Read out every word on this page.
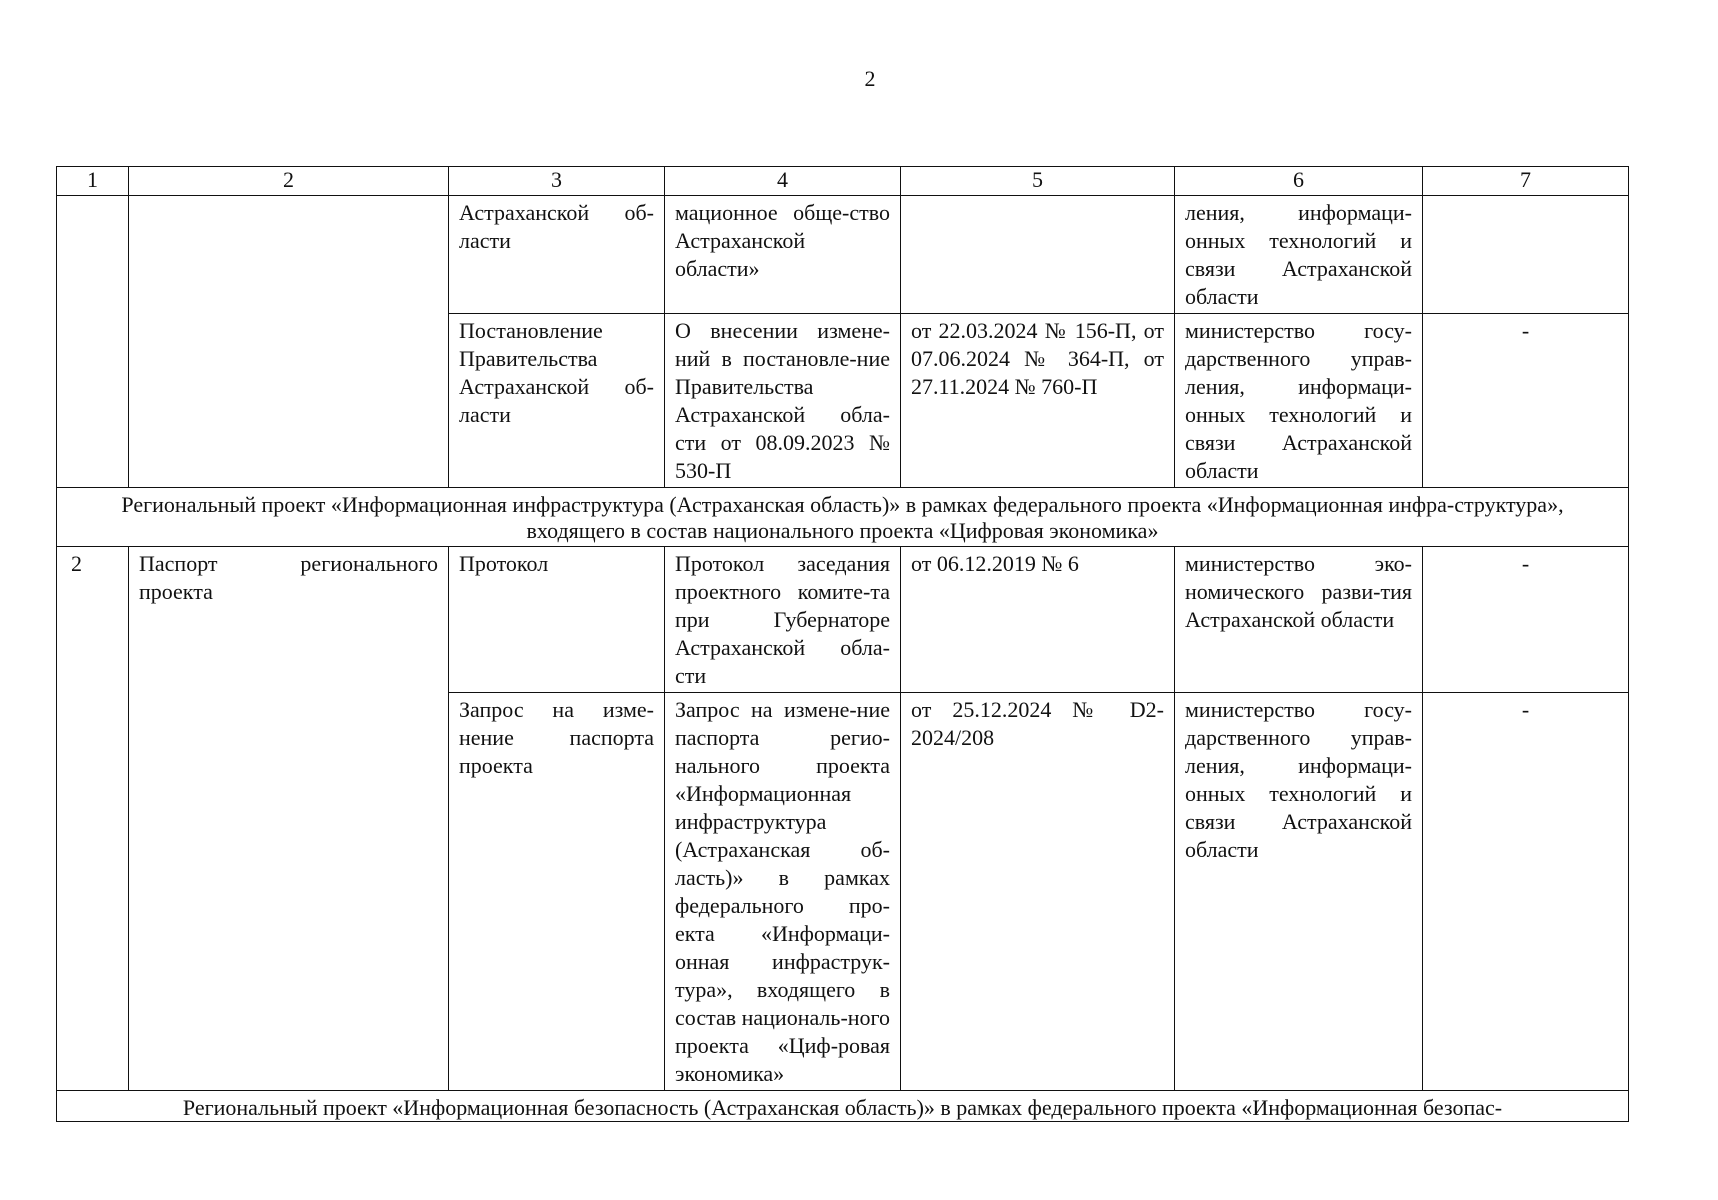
2
1	2	3	4	5	6	7
		Астраханской об-ласти	мационное обще-ство Астраханской области»		ления, информаци-онных технологий и связи Астраханской области	
		Постановление Правительства Астраханской об-ласти	О внесении измене-ний в постановле-ние Правительства Астраханской обла-сти от 08.09.2023 № 530-П	от 22.03.2024 № 156-П, от 07.06.2024 № 364-П, от 27.11.2024 № 760-П	министерство госу-дарственного управ-ления, информаци-онных технологий и связи Астраханской области	-
Региональный проект «Информационная инфраструктура (Астраханская область)» в рамках федерального проекта «Информационная инфра-структура», входящего в состав национального проекта «Цифровая экономика»						
2	Паспорт регионального проекта	Протокол	Протокол заседания проектного комите-та при Губернаторе Астраханской обла-сти	от 06.12.2019 № 6	министерство эко-номического разви-тия Астраханской области	-
		Запрос на изме-нение паспорта проекта	Запрос на измене-ние паспорта регио-нального проекта «Информационная инфраструктура (Астраханская об-ласть)» в рамках федерального про-екта «Информаци-онная инфраструк-тура», входящего в состав националь-ного проекта «Циф-ровая экономика»	от 25.12.2024 № D2-2024/208	министерство госу-дарственного управ-ления, информаци-онных технологий и связи Астраханской области	-
Региональный проект «Информационная безопасность (Астраханская область)» в рамках федерального проекта «Информационная безопас-						
